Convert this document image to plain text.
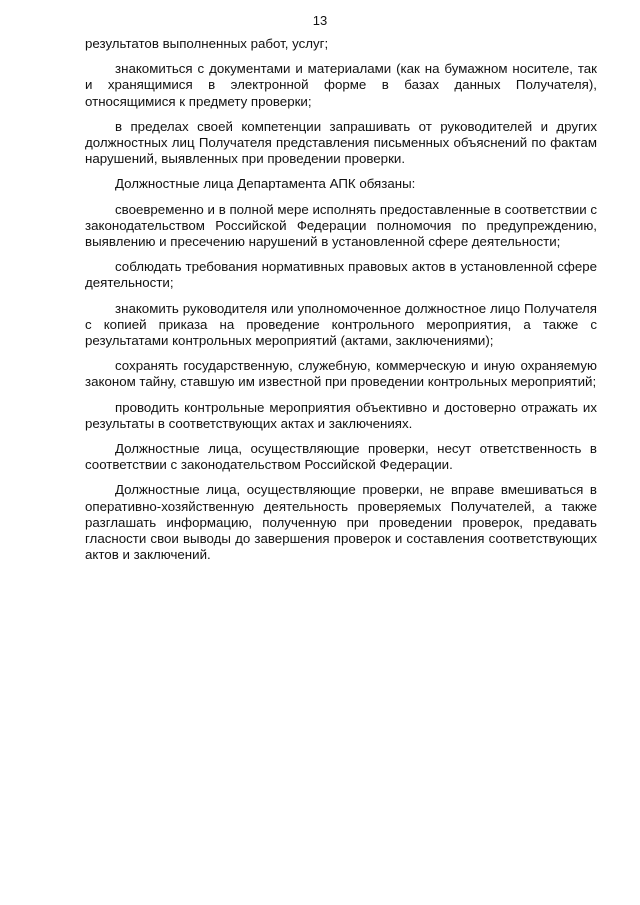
13

результатов выполненных работ, услуг;

знакомиться с документами и материалами (как на бумажном носителе, так и хранящимися в электронной форме в базах данных Получателя), относящимися к предмету проверки;

в пределах своей компетенции запрашивать от руководителей и других должностных лиц Получателя представления письменных объяснений по фактам нарушений, выявленных при проведении проверки.

Должностные лица Департамента АПК обязаны:

своевременно и в полной мере исполнять предоставленные в соответствии с законодательством Российской Федерации полномочия по предупреждению, выявлению и пресечению нарушений в установленной сфере деятельности;

соблюдать требования нормативных правовых актов в установленной сфере деятельности;

знакомить руководителя или уполномоченное должностное лицо Получателя с копией приказа на проведение контрольного мероприятия, а также с результатами контрольных мероприятий (актами, заключениями);

сохранять государственную, служебную, коммерческую и иную охраняемую законом тайну, ставшую им известной при проведении контрольных мероприятий;

проводить контрольные мероприятия объективно и достоверно отражать их результаты в соответствующих актах и заключениях.

Должностные лица, осуществляющие проверки, несут ответственность в соответствии с законодательством Российской Федерации.

Должностные лица, осуществляющие проверки, не вправе вмешиваться в оперативно-хозяйственную деятельность проверяемых Получателей, а также разглашать информацию, полученную при проведении проверок, предавать гласности свои выводы до завершения проверок и составления соответствующих актов и заключений.
